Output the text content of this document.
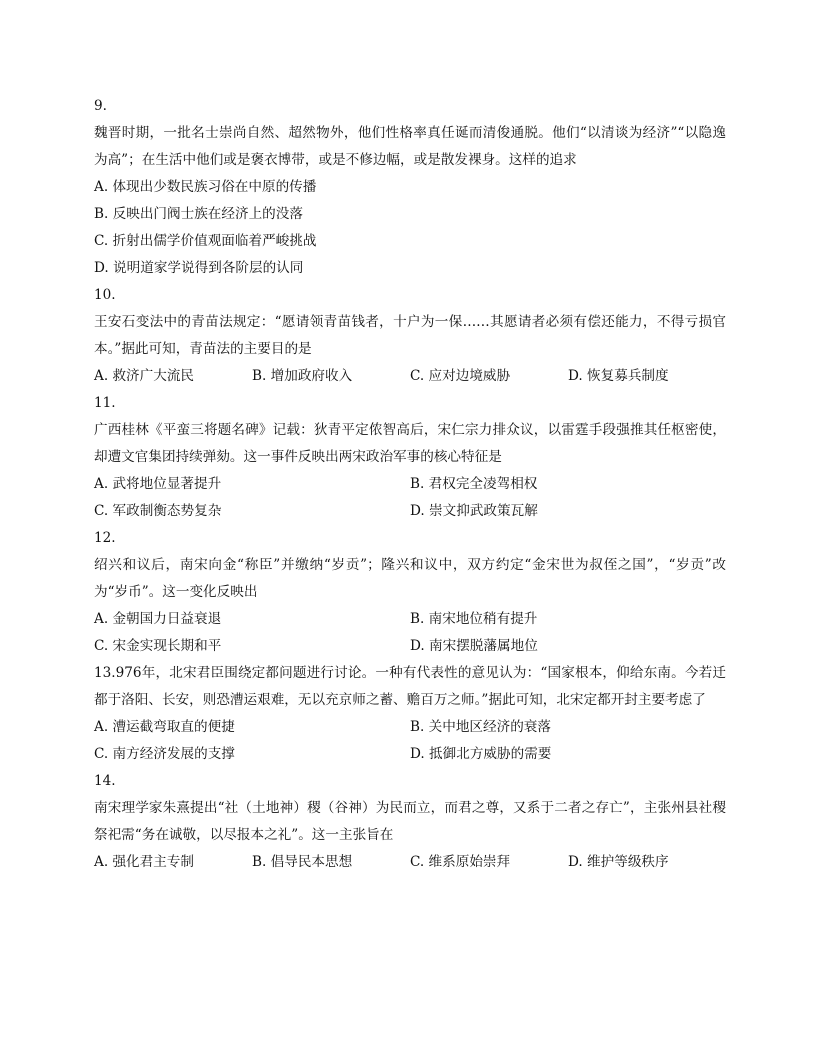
9.
魏晋时期，一批名士崇尚自然、超然物外，他们性格率真任诞而清俊通脱。他们“以清谈为经济”“以隐逸为高”；在生活中他们或是褒衣博带，或是不修边幅，或是散发裸身。这样的追求
A. 体现出少数民族习俗在中原的传播
B. 反映出门阀士族在经济上的没落
C. 折射出儒学价值观面临着严峻挑战
D. 说明道家学说得到各阶层的认同
10.
王安石变法中的青苗法规定：“愿请领青苗钱者，十户为一保……其愿请者必须有偿还能力，不得亏损官本。”据此可知，青苗法的主要目的是
A. 救济广大流民	B. 增加政府收入	C. 应对边境威胁	D. 恢复募兵制度
11.
广西桂林《平蛮三将题名碑》记载：狄青平定侬智高后，宋仁宗力排众议，以雷霆手段强推其任枢密使，却遭文官集团持续弹劾。这一事件反映出两宋政治军事的核心特征是
A. 武将地位显著提升	B. 君权完全凌驾相权
C. 军政制衡态势复杂	D. 崇文抑武政策瓦解
12.
绍兴和议后，南宋向金“称臣”并缴纳“岁贡”；隆兴和议中，双方约定“金宋世为叔侄之国”，“岁贡”改为“岁币”。这一变化反映出
A. 金朝国力日益衰退	B. 南宋地位稍有提升
C. 宋金实现长期和平	D. 南宋摆脱藩属地位
13.976年，北宋君臣围绕定都问题进行讨论。一种有代表性的意见认为：“国家根本，仰给东南。今若迁都于洛阳、长安，则恐漕运艰难，无以充京师之蓄、赡百万之师。”据此可知，北宋定都开封主要考虑了
A. 漕运截弯取直的便捷	B. 关中地区经济的衰落
C. 南方经济发展的支撑	D. 抵御北方威胁的需要
14.
南宋理学家朱熹提出“社（土地神）稷（谷神）为民而立，而君之尊，又系于二者之存亡”，主张州县社稷祭祀需“务在诚敬，以尽报本之礼”。这一主张旨在
A. 强化君主专制	B. 倡导民本思想	C. 维系原始崇拜	D. 维护等级秩序
